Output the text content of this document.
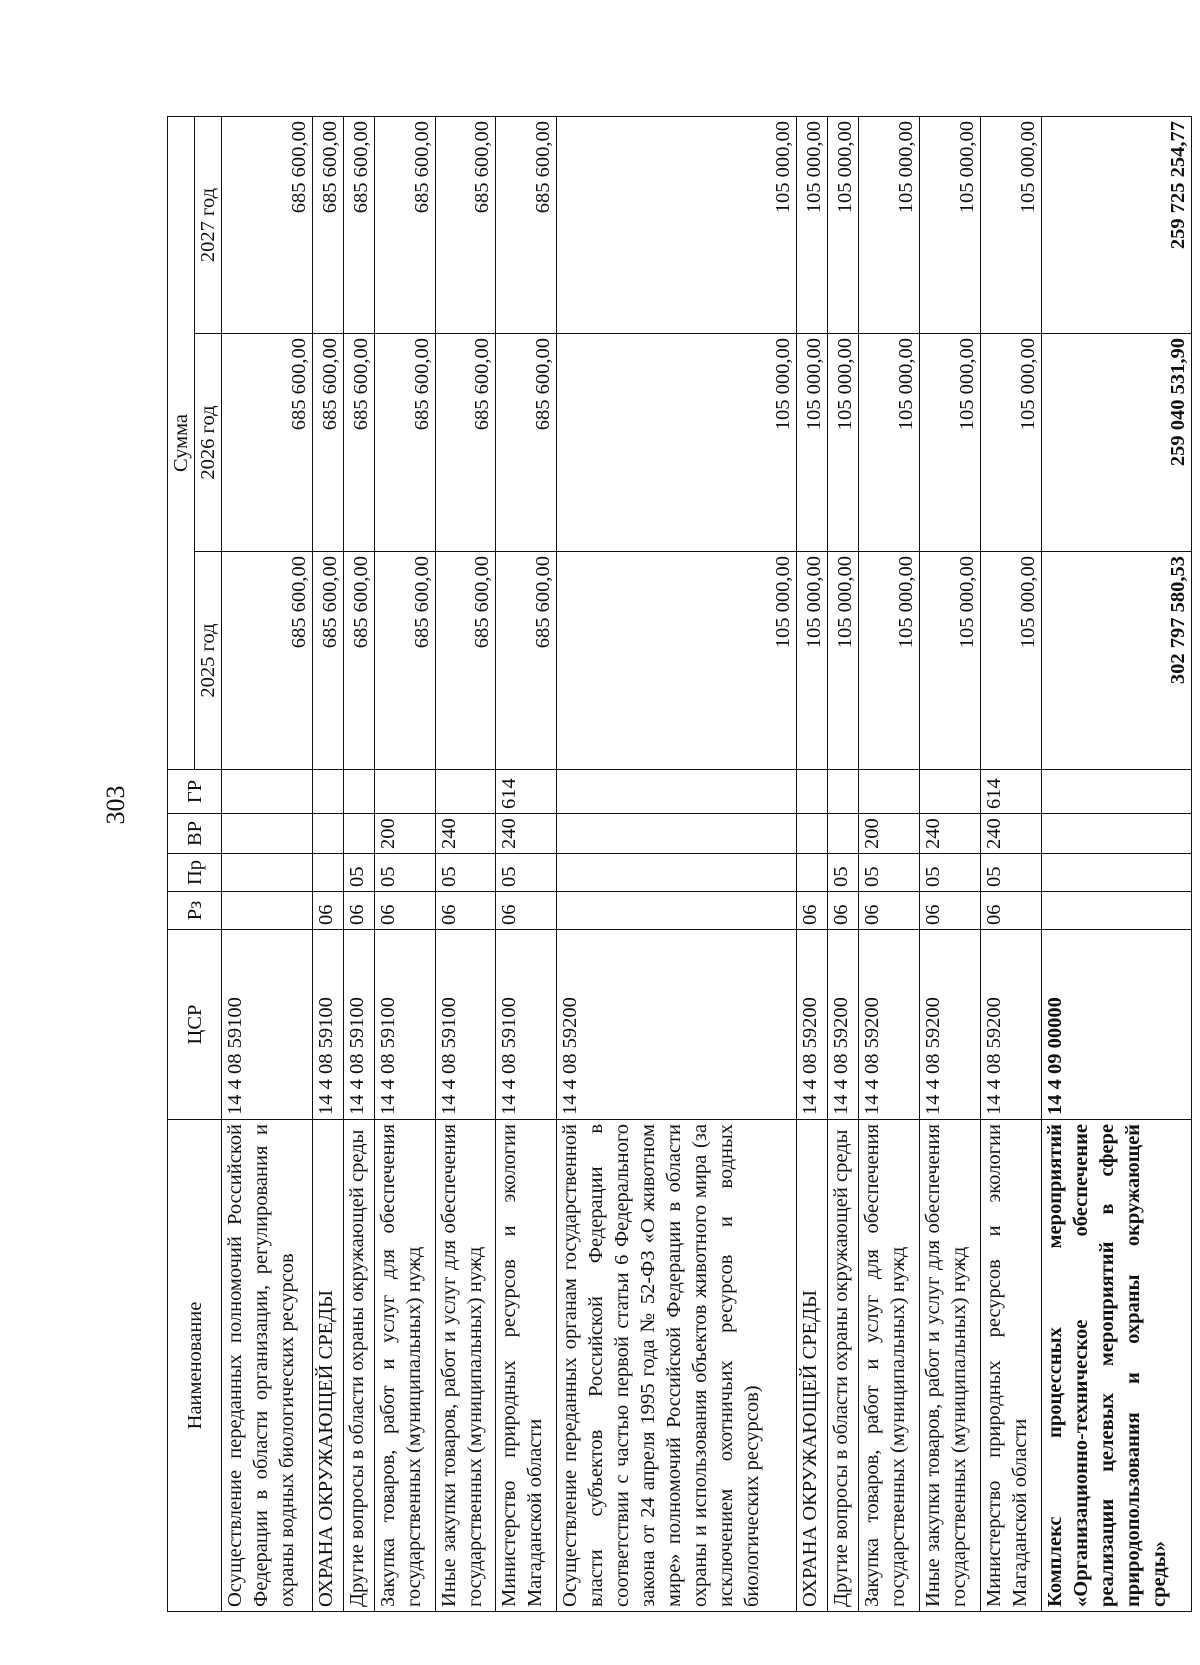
303
Наименование	ЦСР	Рз	Пр	ВР	ГР	Сумма		
						2025 год	2026 год	2027 год
Осуществление переданных полномочий Российской Федерации в области организации, регулирования и охраны водных биологических ресурсов	14 4 08 59100					685 600,00	685 600,00	685 600,00
ОХРАНА ОКРУЖАЮЩЕЙ СРЕДЫ	14 4 08 59100	06				685 600,00	685 600,00	685 600,00
Другие вопросы в области охраны окружающей среды	14 4 08 59100	06	05			685 600,00	685 600,00	685 600,00
Закупка товаров, работ и услуг для обеспечения государственных (муниципальных) нужд	14 4 08 59100	06	05	200		685 600,00	685 600,00	685 600,00
Иные закупки товаров, работ и услуг для обеспечения государственных (муниципальных) нужд	14 4 08 59100	06	05	240		685 600,00	685 600,00	685 600,00
Министерство природных ресурсов и экологии Магаданской области	14 4 08 59100	06	05	240	614	685 600,00	685 600,00	685 600,00
Осуществление переданных органам государственной власти субъектов Российской Федерации в соответствии с частью первой статьи 6 Федерального закона от 24 апреля 1995 года № 52-ФЗ «О животном мире» полномочий Российской Федерации в области охраны и использования объектов животного мира (за исключением охотничьих ресурсов и водных биологических ресурсов)	14 4 08 59200					105 000,00	105 000,00	105 000,00
ОХРАНА ОКРУЖАЮЩЕЙ СРЕДЫ	14 4 08 59200	06				105 000,00	105 000,00	105 000,00
Другие вопросы в области охраны окружающей среды	14 4 08 59200	06	05			105 000,00	105 000,00	105 000,00
Закупка товаров, работ и услуг для обеспечения государственных (муниципальных) нужд	14 4 08 59200	06	05	200		105 000,00	105 000,00	105 000,00
Иные закупки товаров, работ и услуг для обеспечения государственных (муниципальных) нужд	14 4 08 59200	06	05	240		105 000,00	105 000,00	105 000,00
Министерство природных ресурсов и экологии Магаданской области	14 4 08 59200	06	05	240	614	105 000,00	105 000,00	105 000,00
Комплекс процессных мероприятий «Организационно-техническое обеспечение реализации целевых мероприятий в сфере природопользования и охраны окружающей среды»	14 4 09 00000					302 797 580,53	259 040 531,90	259 725 254,77
